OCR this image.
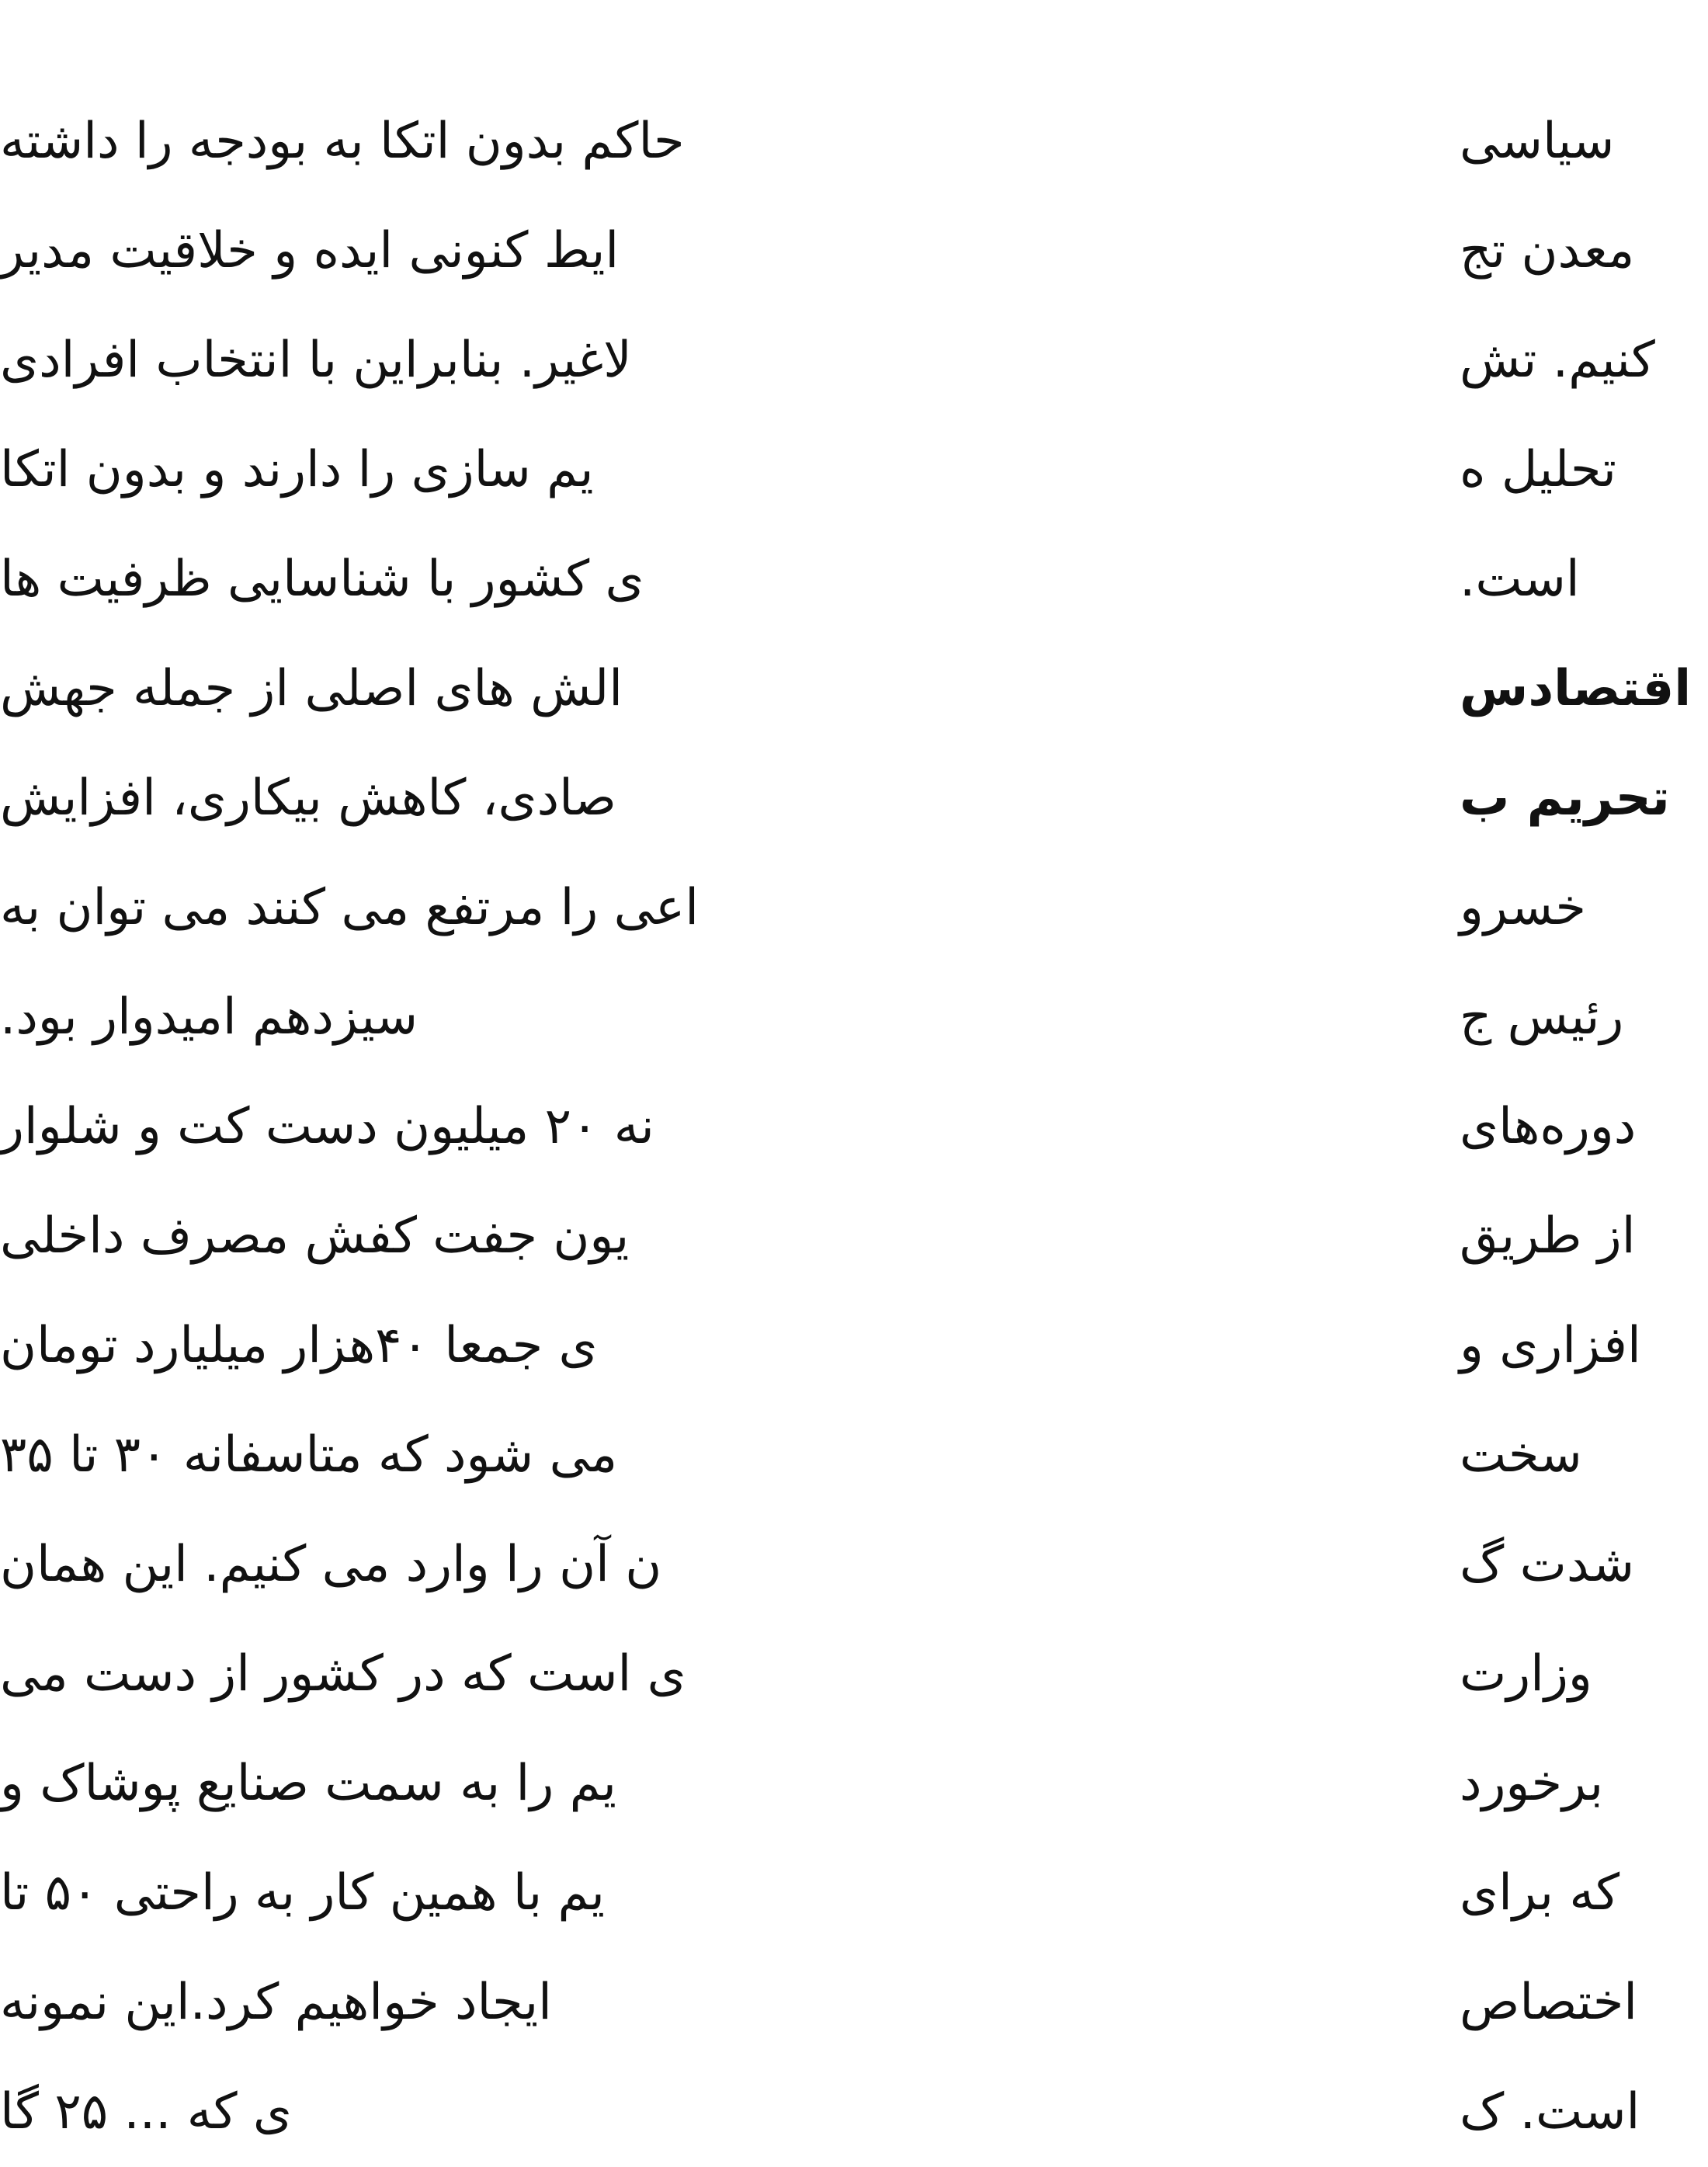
حاکم بدون اتکا به بودجه را داشته
ایط کنونی ایده و خلاقیت مدیر
لاغیر. بنابراین با انتخاب افرادی
یم سازی را دارند و بدون اتکا
ی کشور با شناسایی ظرفیت ها
الش های اصلی از جمله جهش
صادی، کاهش بیکاری، افزایش
اعی را مرتفع می کنند می توان به
سیزدهم امیدوار بود.
نه ۲۰ میلیون دست کت و شلوار
یون جفت کفش مصرف داخلی
ی جمعا ۴۰هزار میلیارد تومان
می شود که متاسفانه ۳۰ تا ۳۵
ن آن را وارد می کنیم. این همان
ی است که در کشور از دست می
یم را به سمت صنایع پوشاک و
یم با همین کار به راحتی ۵۰ تا
ایجاد خواهیم کرد.این نمونه
ی که ... ۲۵ گا
سیاسی
معدن تج
کنیم. تش
تحلیل ه
است.
اقتصادس
تحریم ب
خسرو
رئیس ج
دوره‌های
از طریق
افزاری و
سخت
شدت گ
وزارت
برخورد
که برای
اختصاص
است. ک
